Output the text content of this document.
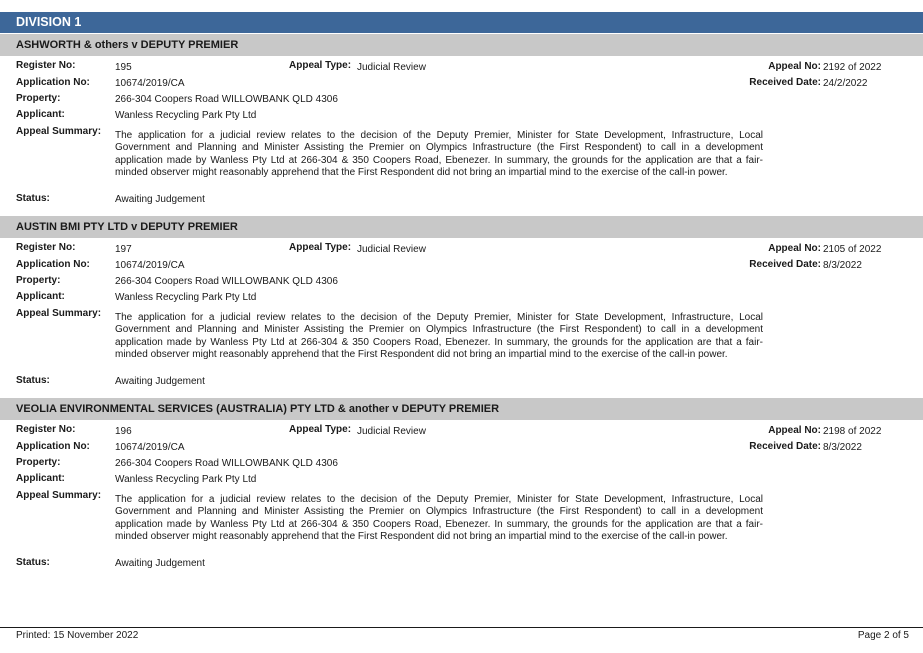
DIVISION 1
ASHWORTH & others v DEPUTY PREMIER
Register No:	195	Appeal Type: Judicial Review	Appeal No: 2192 of 2022
Application No:	10674/2019/CA	Received Date: 24/2/2022
Property:	266-304 Coopers Road WILLOWBANK QLD 4306
Applicant:	Wanless Recycling Park Pty Ltd
Appeal Summary: The application for a judicial review relates to the decision of the Deputy Premier, Minister for State Development, Infrastructure, Local Government and Planning and Minister Assisting the Premier on Olympics Infrastructure (the First Respondent) to call in a development application made by Wanless Pty Ltd at 266-304 & 350 Coopers Road, Ebenezer. In summary, the grounds for the application are that a fair-minded observer might reasonably apprehend that the First Respondent did not bring an impartial mind to the exercise of the call-in power.
Status:	Awaiting Judgement
AUSTIN BMI PTY LTD v DEPUTY PREMIER
Register No:	197	Appeal Type: Judicial Review	Appeal No: 2105 of 2022
Application No:	10674/2019/CA	Received Date: 8/3/2022
Property:	266-304 Coopers Road WILLOWBANK QLD 4306
Applicant:	Wanless Recycling Park Pty Ltd
Appeal Summary: The application for a judicial review relates to the decision of the Deputy Premier, Minister for State Development, Infrastructure, Local Government and Planning and Minister Assisting the Premier on Olympics Infrastructure (the First Respondent) to call in a development application made by Wanless Pty Ltd at 266-304 & 350 Coopers Road, Ebenezer. In summary, the grounds for the application are that a fair-minded observer might reasonably apprehend that the First Respondent did not bring an impartial mind to the exercise of the call-in power.
Status:	Awaiting Judgement
VEOLIA ENVIRONMENTAL SERVICES (AUSTRALIA) PTY LTD & another v DEPUTY PREMIER
Register No:	196	Appeal Type: Judicial Review	Appeal No: 2198 of 2022
Application No:	10674/2019/CA	Received Date: 8/3/2022
Property:	266-304 Coopers Road WILLOWBANK QLD 4306
Applicant:	Wanless Recycling Park Pty Ltd
Appeal Summary: The application for a judicial review relates to the decision of the Deputy Premier, Minister for State Development, Infrastructure, Local Government and Planning and Minister Assisting the Premier on Olympics Infrastructure (the First Respondent) to call in a development application made by Wanless Pty Ltd at 266-304 & 350 Coopers Road, Ebenezer. In summary, the grounds for the application are that a fair-minded observer might reasonably apprehend that the First Respondent did not bring an impartial mind to the exercise of the call-in power.
Status:	Awaiting Judgement
Printed: 15 November 2022	Page 2 of 5
